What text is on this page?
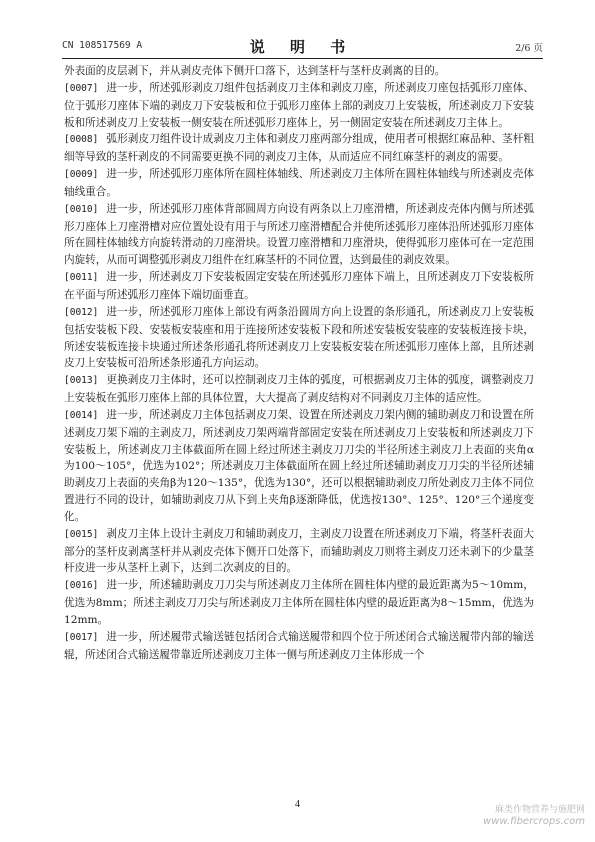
CN 108517569 A	说 明 书	2/6 页

外表面的皮层剥下，并从剥皮壳体下侧开口落下，达到茎杆与茎杆皮剥离的目的。

[0007] 进一步，所述弧形剥皮刀组件包括剥皮刀主体和剥皮刀座，所述剥皮刀座包括弧形刀座体、位于弧形刀座体下端的剥皮刀下安装板和位于弧形刀座体上部的剥皮刀上安装板，所述剥皮刀下安装板和所述剥皮刀上安装板一侧安装在所述弧形刀座体上，另一侧固定安装在所述剥皮刀主体上。

[0008] 弧形剥皮刀组件设计成剥皮刀主体和剥皮刀座两部分组成，使用者可根据红麻品种、茎杆粗细等导致的茎杆剥皮的不同需要更换不同的剥皮刀主体，从而适应不同红麻茎杆的剥皮的需要。

[0009] 进一步，所述弧形刀座体所在圆柱体轴线、所述剥皮刀主体所在圆柱体轴线与所述剥皮壳体轴线重合。

[0010] 进一步，所述弧形刀座体背部圆周方向设有两条以上刀座滑槽，所述剥皮壳体内侧与所述弧形刀座体上刀座滑槽对应位置处设有用于与所述刀座滑槽配合并使所述弧形刀座体沿所述弧形刀座体所在圆柱体轴线方向旋转滑动的刀座滑块。设置刀座滑槽和刀座滑块，使得弧形刀座体可在一定范围内旋转，从而可调整弧形剥皮刀组件在红麻茎杆的不同位置，达到最佳的剥皮效果。

[0011] 进一步，所述剥皮刀下安装板固定安装在所述弧形刀座体下端上，且所述剥皮刀下安装板所在平面与所述弧形刀座体下端切面垂直。

[0012] 进一步，所述弧形刀座体上部设有两条沿圆周方向上设置的条形通孔，所述剥皮刀上安装板包括安装板下段、安装板安装座和用于连接所述安装板下段和所述安装板安装座的安装板连接卡块，所述安装板连接卡块通过所述条形通孔将所述剥皮刀上安装板安装在所述弧形刀座体上部，且所述剥皮刀上安装板可沿所述条形通孔方向运动。

[0013] 更换剥皮刀主体时，还可以控制剥皮刀主体的弧度，可根据剥皮刀主体的弧度，调整剥皮刀上安装板在弧形刀座体上部的具体位置，大大提高了剥皮结构对不同剥皮刀主体的适应性。

[0014] 进一步，所述剥皮刀主体包括剥皮刀架、设置在所述剥皮刀架内侧的辅助剥皮刀和设置在所述剥皮刀架下端的主剥皮刀，所述剥皮刀架两端背部固定安装在所述剥皮刀上安装板和所述剥皮刀下安装板上，所述剥皮刀主体截面所在圆上经过所述主剥皮刀刀尖的半径所述主剥皮刀上表面的夹角α为100～105°，优选为102°；所述剥皮刀主体截面所在圆上经过所述辅助剥皮刀刀尖的半径所述辅助剥皮刀上表面的夹角β为120～135°，优选为130°，还可以根据辅助剥皮刀所处剥皮刀主体不同位置进行不同的设计，如辅助剥皮刀从下到上夹角β逐渐降低，优选按130°、125°、120°三个递度变化。

[0015] 剥皮刀主体上设计主剥皮刀和辅助剥皮刀，主剥皮刀设置在所述剥皮刀下端，将茎杆表面大部分的茎杆皮剥离茎杆并从剥皮壳体下侧开口处落下，而辅助剥皮刀则将主剥皮刀还未剥下的少量茎杆皮进一步从茎杆上剥下，达到二次剥皮的目的。

[0016] 进一步，所述辅助剥皮刀刀尖与所述剥皮刀主体所在圆柱体内壁的最近距离为5～10mm，优选为8mm；所述主剥皮刀刀尖与所述剥皮刀主体所在圆柱体内壁的最近距离为8～15mm，优选为12mm。

[0017] 进一步，所述履带式输送链包括闭合式输送履带和四个位于所述闭合式输送履带内部的输送辊，所述闭合式输送履带靠近所述剥皮刀主体一侧与所述剥皮刀主体形成一个

4	麻类作物营养与施肥网
www.fibercrops.com
